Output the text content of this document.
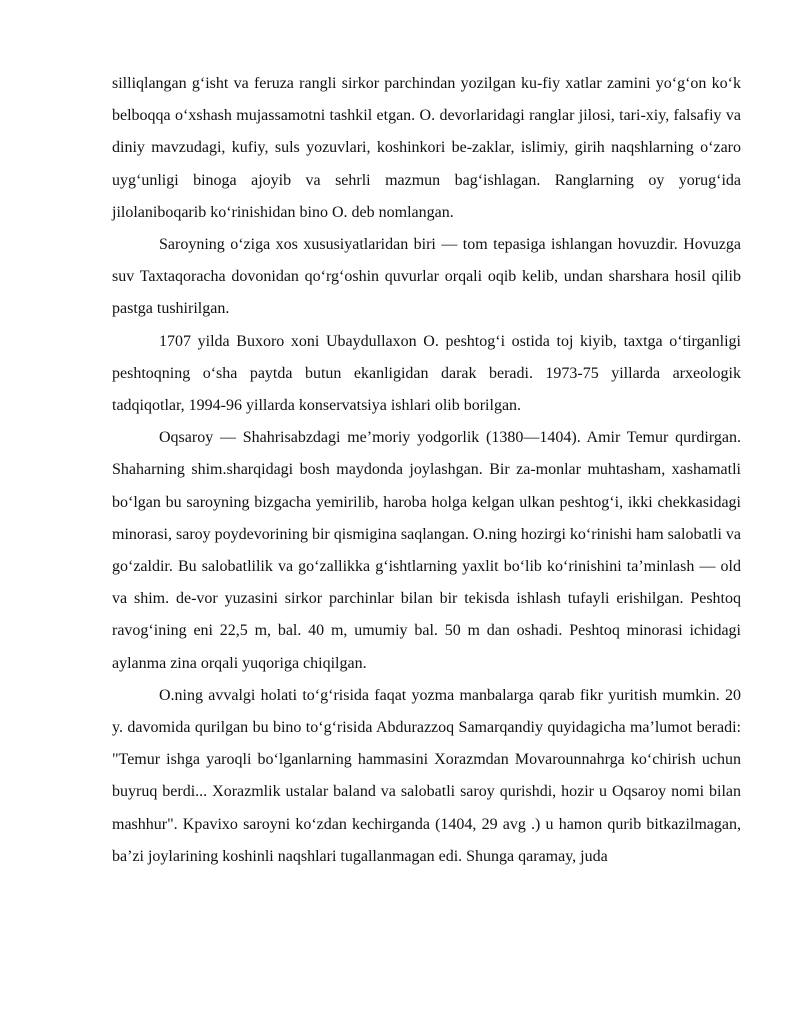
silliqlangan g‘isht va feruza rangli sirkor parchindan yozilgan ku-fiy xatlar zamini yo‘g‘on ko‘k belboqqa o‘xshash mujassamotni tashkil etgan. O. devorlaridagi ranglar jilosi, tari-xiy, falsafiy va diniy mavzudagi, kufiy, suls yozuvlari, koshinkori be-zaklar, islimiy, girih naqshlarning o‘zaro uyg‘unligi binoga ajoyib va sehrli mazmun bag‘ishlagan. Ranglarning oy yorug‘ida jilolaniboqarib ko‘rinishidan bino O. deb nomlangan.

Saroyning o‘ziga xos xususiyatlaridan biri — tom tepasiga ishlangan hovuzdir. Hovuzga suv Taxtaqoracha dovonidan qo‘rg‘oshin quvurlar orqali oqib kelib, undan sharshara hosil qilib pastga tushirilgan.

1707 yilda Buxoro xoni Ubaydullaxon O. peshtog‘i ostida toj kiyib, taxtga o‘tirganligi peshtoqning o‘sha paytda butun ekanligidan darak beradi. 1973-75 yillarda arxeologik tadqiqotlar, 1994-96 yillarda konservatsiya ishlari olib borilgan.

Oqsaroy — Shahrisabzdagi me’moriy yodgorlik (1380—1404). Amir Temur qurdirgan. Shaharning shim.sharqidagi bosh maydonda joylashgan. Bir za-monlar muhtasham, xashamatli bo‘lgan bu saroyning bizgacha yemirilib, haroba holga kelgan ulkan peshtog‘i, ikki chekkasidagi minorasi, saroy poydevorining bir qismigina saqlangan. O.ning hozirgi ko‘rinishi ham salobatli va go‘zaldir. Bu salobatlilik va go‘zallikka g‘ishtlarning yaxlit bo‘lib ko‘rinishini ta’minlash — old va shim. de-vor yuzasini sirkor parchinlar bilan bir tekisda ishlash tufayli erishilgan. Peshtoq ravog‘ining eni 22,5 m, bal. 40 m, umumiy bal. 50 m dan oshadi. Peshtoq minorasi ichidagi aylanma zina orqali yuqoriga chiqilgan.

O.ning avvalgi holati to‘g‘risida faqat yozma manbalarga qarab fikr yuritish mumkin. 20 y. davomida qurilgan bu bino to‘g‘risida Abdurazzoq Samarqandiy quyidagicha ma’lumot beradi: "Temur ishga yaroqli bo‘lganlarning hammasini Xorazmdan Movarounnahrga ko‘chirish uchun buyruq berdi... Xorazmlik ustalar baland va salobatli saroy qurishdi, hozir u Oqsaroy nomi bilan mashhur". Kpavixo saroyni ko‘zdan kechirganda (1404, 29 avg .) u hamon qurib bitkazilmagan, ba’zi joylarining koshinli naqshlari tugallanmagan edi. Shunga qaramay, juda
